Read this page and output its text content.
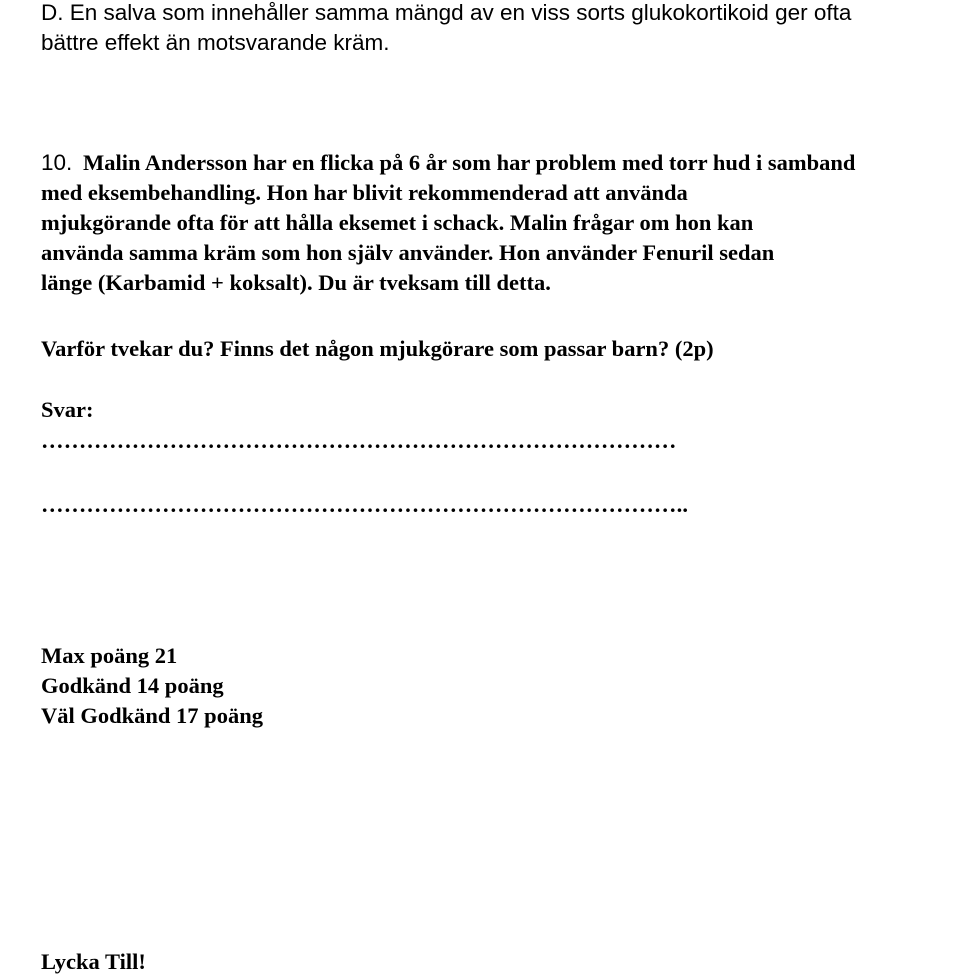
D. En salva som innehåller samma mängd av en viss sorts glukokortikoid ger ofta
bättre effekt än motsvarande kräm.
10. Malin Andersson har en flicka på 6 år som har problem med torr hud i samband
med eksembehandling. Hon har blivit rekommenderad att använda
mjukgörande ofta för att hålla eksemet i schack. Malin frågar om hon kan
använda samma kräm som hon själv använder. Hon använder Fenuril sedan
länge (Karbamid + koksalt). Du är tveksam till detta.
Varför tvekar du? Finns det någon mjukgörare som passar barn? (2p)
Svar:
…………………………………………………………………………
…………………………………………………………………………..
Max poäng 21
Godkänd 14 poäng
Väl Godkänd 17 poäng
Lycka Till!
